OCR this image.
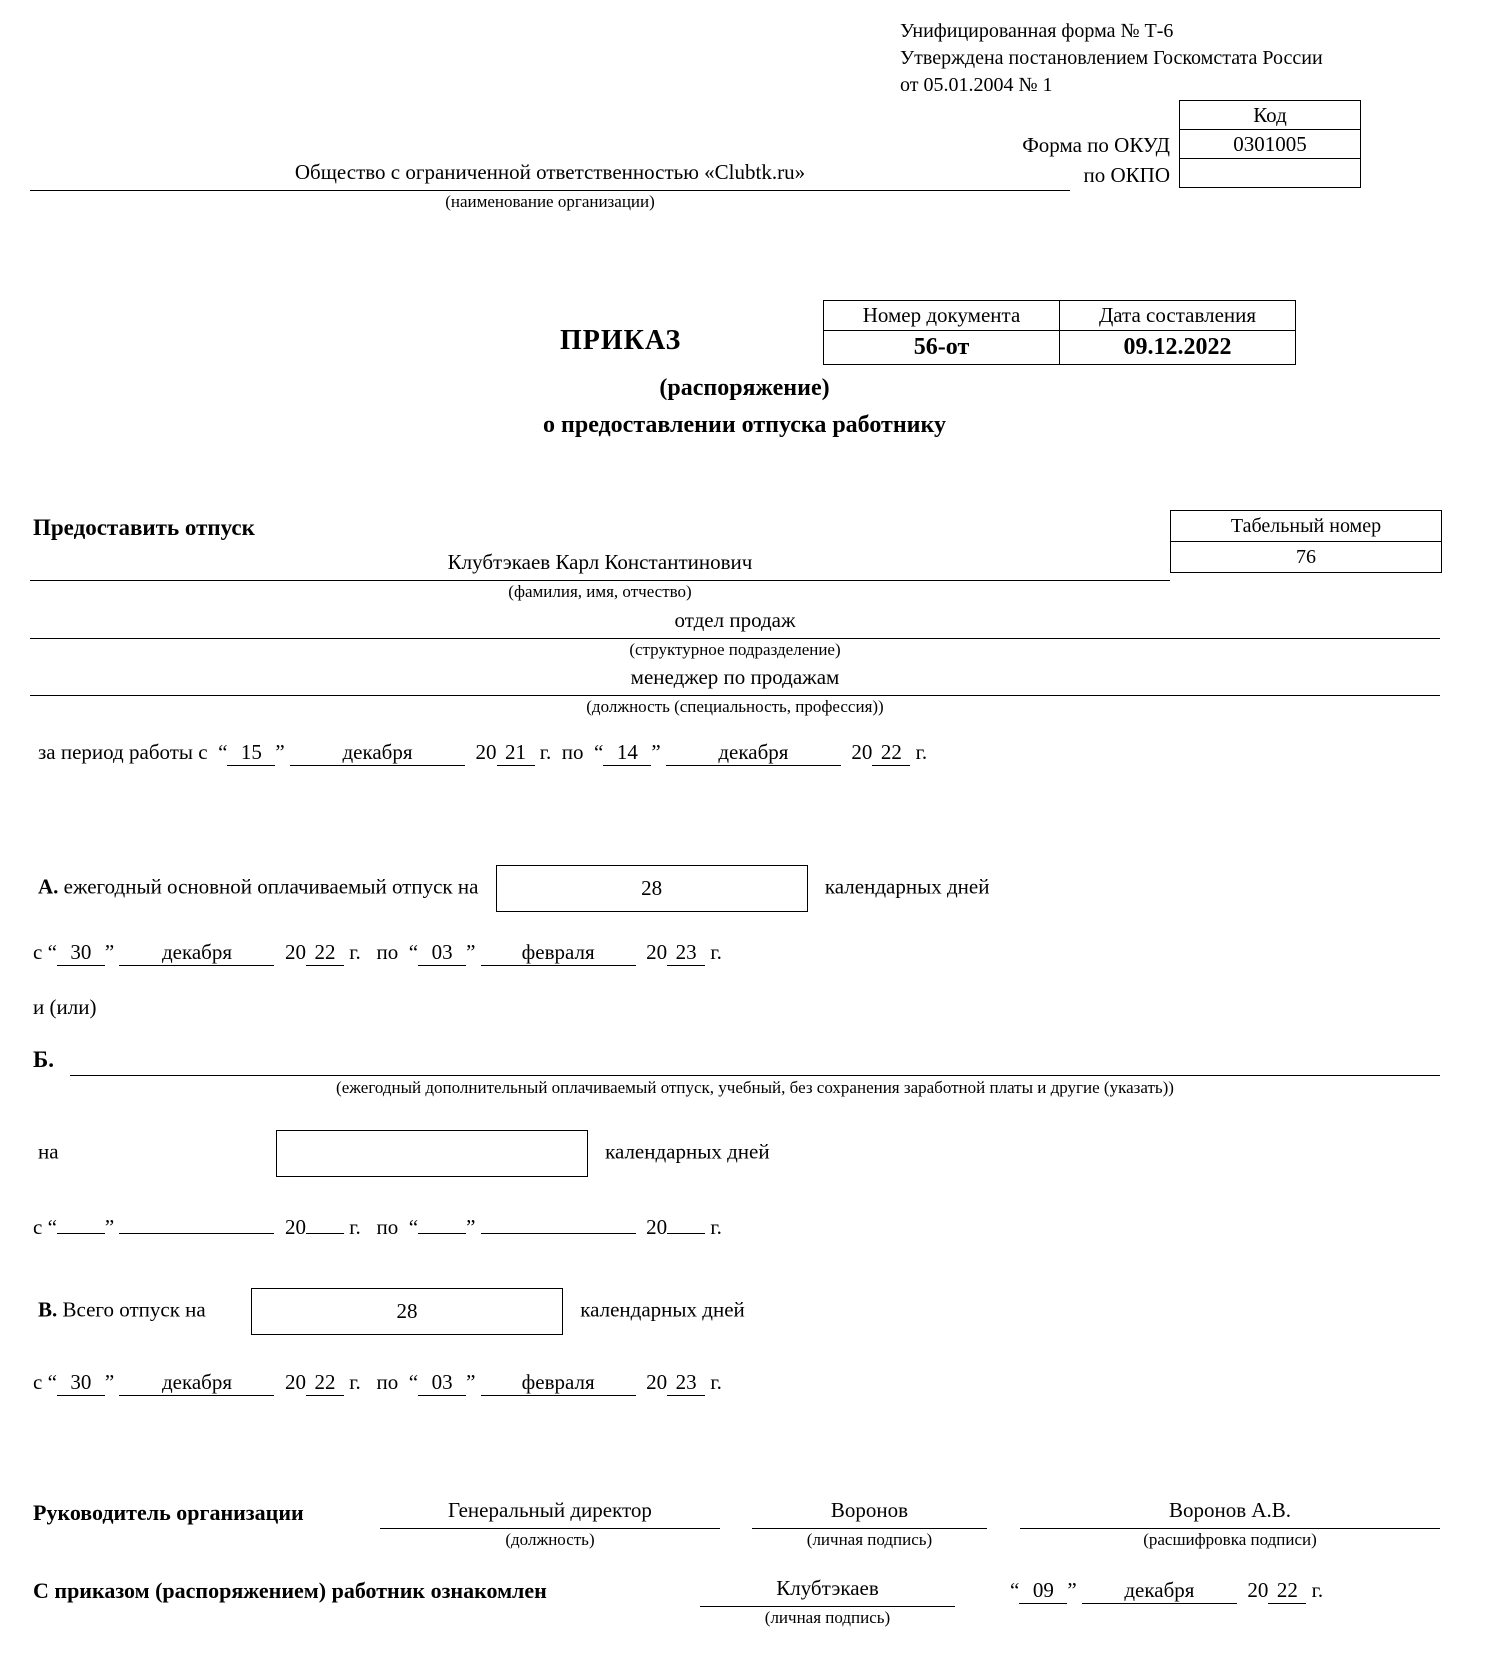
Унифицированная форма № Т-6
Утверждена постановлением Госкомстата России
от 05.01.2004 № 1
Код
0301005
Форма по ОКУД
по ОКПО
Общество с ограниченной ответственностью «Clubtk.ru»
(наименование организации)
Номер документа	Дата составления
56-от	09.12.2022
ПРИКАЗ
(распоряжение)
о предоставлении отпуска работнику
Предоставить отпуск	Табельный номер
76
Клубтэкаев Карл Константинович
(фамилия, имя, отчество)
отдел продаж
(структурное подразделение)
менеджер по продажам
(должность (специальность, профессия))
за период работы с  “ 15 ” декабря	20 21 г. по  “ 14 ” декабря	20 22 г.
А. ежегодный основной оплачиваемый отпуск на	28	календарных дней
с “ 30 ” декабря	20 22 г. по  “ 03 ” февраля 20 23 г.
и (или)
Б.
(ежегодный дополнительный оплачиваемый отпуск, учебный, без сохранения заработной платы и другие (указать))
на	календарных дней
с “ ”	20 г. по  “ ”	20 г.
В. Всего отпуск на	28	календарных дней
с “ 30 ” декабря	20 22 г. по  “ 03 ” февраля 20 23 г.
Руководитель организации	Генеральный директор	Воронов	Воронов А.В.
(должность)	(личная подпись)	(расшифровка подписи)
С приказом (распоряжением) работник ознакомлен	Клубтэкаев
(личная подпись)
“ 09 ” декабря	20 22 г.
